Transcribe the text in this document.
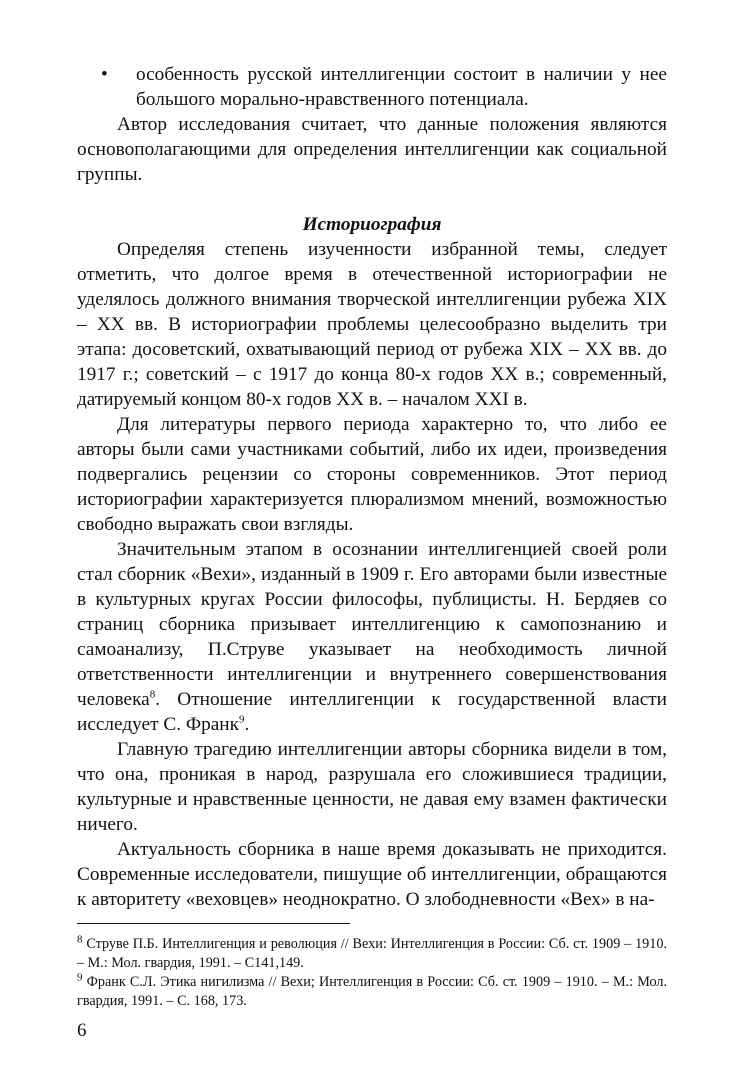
• особенность русской интеллигенции состоит в наличии у нее большого морально-нравственного потенциала.

Автор исследования считает, что данные положения являются основополагающими для определения интеллигенции как социальной группы.

Историография

Определяя степень изученности избранной темы, следует отметить, что долгое время в отечественной историографии не уделялось должного внимания творческой интеллигенции рубежа XIX – XX вв. В историографии проблемы целесообразно выделить три этапа: досоветский, охватывающий период от рубежа XIX – XX вв. до 1917 г.; советский – с 1917 до конца 80-х годов XX в.; современный, датируемый концом 80-х годов XX в. – началом XXI в.

Для литературы первого периода характерно то, что либо ее авторы были сами участниками событий, либо их идеи, произведения подвергались рецензии со стороны современников. Этот период историографии характеризуется плюрализмом мнений, возможностью свободно выражать свои взгляды.

Значительным этапом в осознании интеллигенцией своей роли стал сборник «Вехи», изданный в 1909 г. Его авторами были известные в культурных кругах России философы, публицисты. Н. Бердяев со страниц сборника призывает интеллигенцию к самопознанию и самоанализу, П.Струве указывает на необходимость личной ответственности интеллигенции и внутреннего совершенствования человека$^8$. Отношение интеллигенции к государственной власти исследует С. Франк$^9$.

Главную трагедию интеллигенции авторы сборника видели в том, что она, проникая в народ, разрушала его сложившиеся традиции, культурные и нравственные ценности, не давая ему взамен фактически ничего.

Актуальность сборника в наше время доказывать не приходится. Современные исследователи, пишущие об интеллигенции, обращаются к авторитету «веховцев» неоднократно. О злободневности «Вех» в на-

$^8$ Струве П.Б. Интеллигенция и революция // Вехи: Интеллигенция в России: Сб. ст. 1909 – 1910. – М.: Мол. гвардия, 1991. – С141,149.

$^9$ Франк С.Л. Этика нигилизма // Вехи; Интеллигенция в России: Сб. ст. 1909 – 1910. – М.: Мол. гвардия, 1991. – С. 168, 173.

6
